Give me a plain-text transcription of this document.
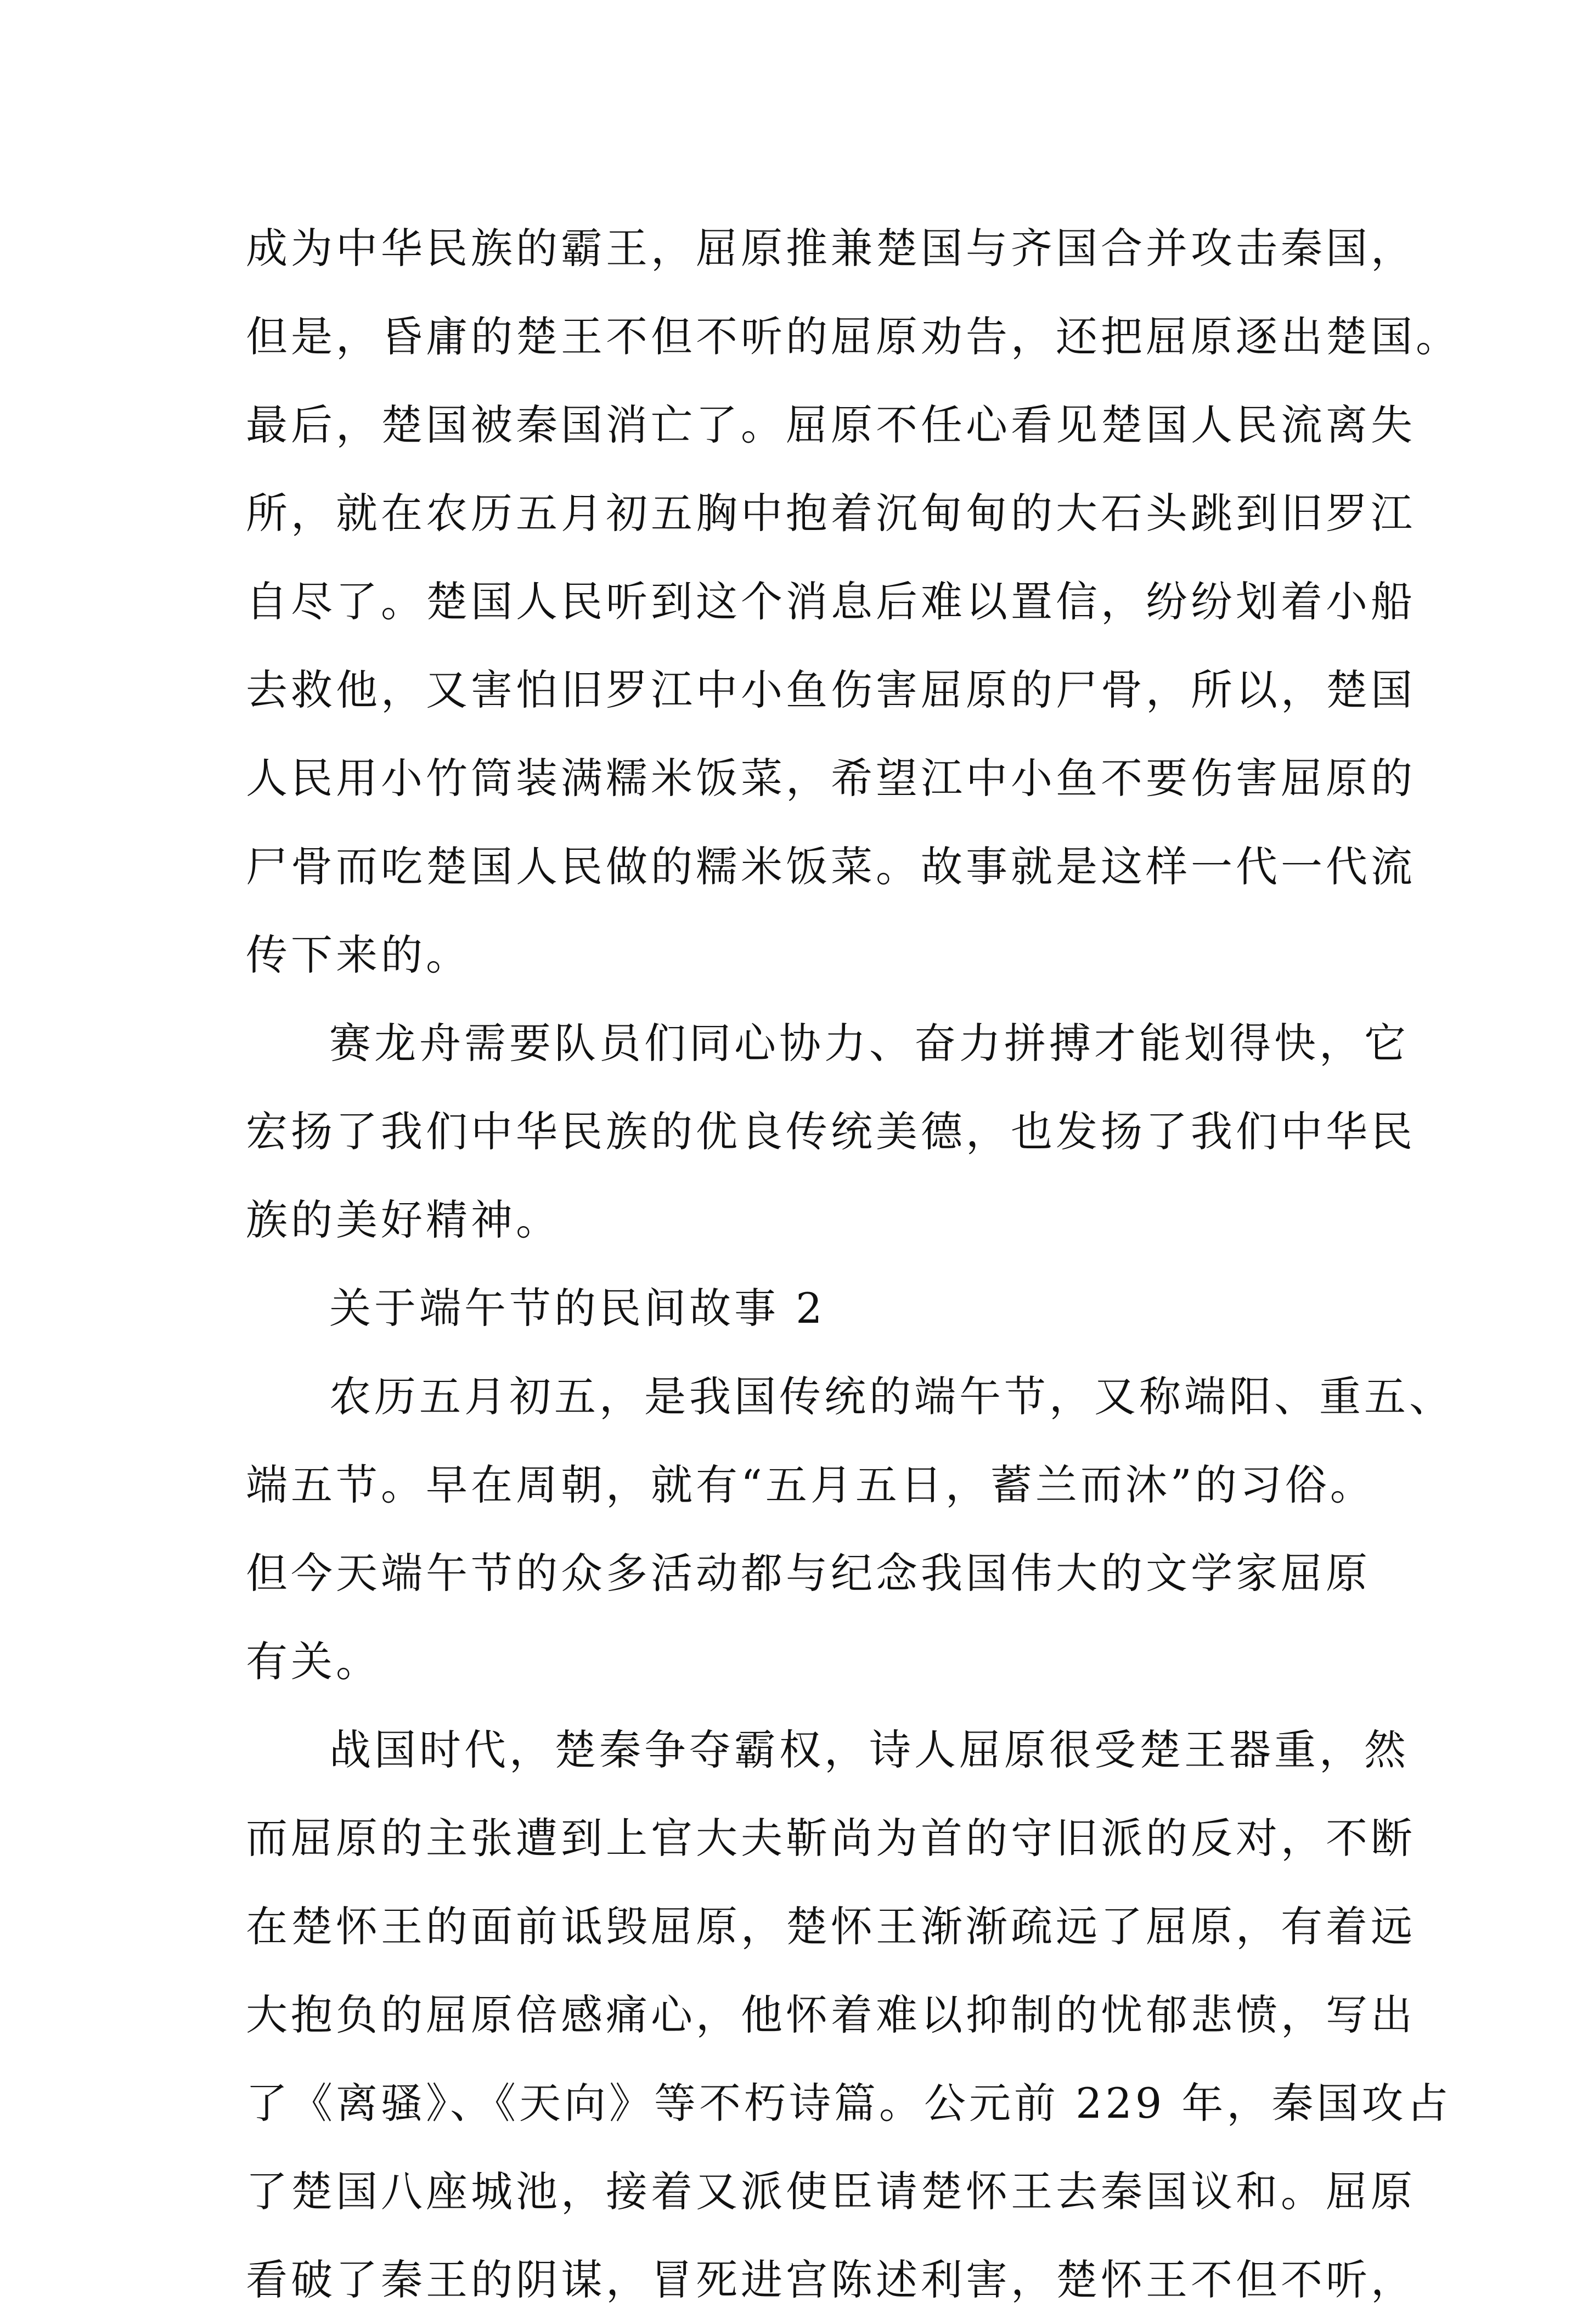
成为中华民族的霸王，屈原推兼楚国与齐国合并攻击秦国，
但是，昏庸的楚王不但不听的屈原劝告，还把屈原逐出楚国。
最后，楚国被秦国消亡了。屈原不任心看见楚国人民流离失
所，就在农历五月初五胸中抱着沉甸甸的大石头跳到旧罗江
自尽了。楚国人民听到这个消息后难以置信，纷纷划着小船
去救他，又害怕旧罗江中小鱼伤害屈原的尸骨，所以，楚国
人民用小竹筒装满糯米饭菜，希望江中小鱼不要伤害屈原的
尸骨而吃楚国人民做的糯米饭菜。故事就是这样一代一代流
传下来的。
赛龙舟需要队员们同心协力、奋力拼搏才能划得快，它
宏扬了我们中华民族的优良传统美德，也发扬了我们中华民
族的美好精神。
关于端午节的民间故事 2
农历五月初五，是我国传统的端午节，又称端阳、重五、
端五节。早在周朝，就有“五月五日，蓄兰而沐”的习俗。
但今天端午节的众多活动都与纪念我国伟大的文学家屈原
有关。
战国时代，楚秦争夺霸权，诗人屈原很受楚王器重，然
而屈原的主张遭到上官大夫靳尚为首的守旧派的反对，不断
在楚怀王的面前诋毁屈原，楚怀王渐渐疏远了屈原，有着远
大抱负的屈原倍感痛心，他怀着难以抑制的忧郁悲愤，写出
了《离骚》、《天向》等不朽诗篇。公元前 229 年，秦国攻占
了楚国八座城池，接着又派使臣请楚怀王去秦国议和。屈原
看破了秦王的阴谋，冒死进宫陈述利害，楚怀王不但不听，
